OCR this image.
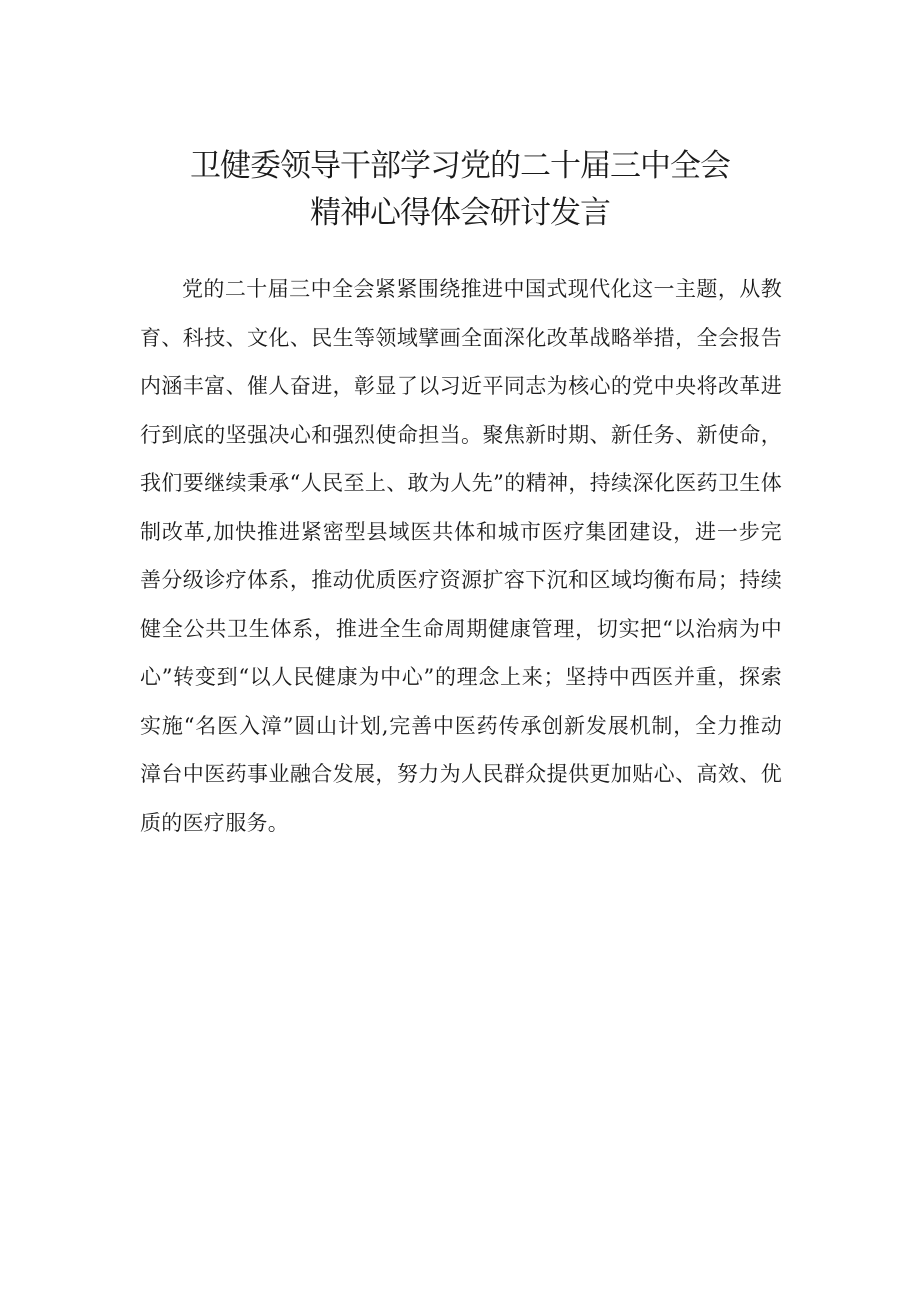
卫健委领导干部学习党的二十届三中全会
精神心得体会研讨发言

党的二十届三中全会紧紧围绕推进中国式现代化这一主题，从教育、科技、文化、民生等领域擘画全面深化改革战略举措，全会报告内涵丰富、催人奋进，彰显了以习近平同志为核心的党中央将改革进行到底的坚强决心和强烈使命担当。聚焦新时期、新任务、新使命，我们要继续秉承“人民至上、敢为人先”的精神，持续深化医药卫生体制改革,加快推进紧密型县域医共体和城市医疗集团建设，进一步完善分级诊疗体系，推动优质医疗资源扩容下沉和区域均衡布局；持续健全公共卫生体系，推进全生命周期健康管理，切实把“以治病为中心”转变到“以人民健康为中心”的理念上来；坚持中西医并重，探索实施“名医入漳”圆山计划,完善中医药传承创新发展机制，全力推动漳台中医药事业融合发展，努力为人民群众提供更加贴心、高效、优质的医疗服务。
